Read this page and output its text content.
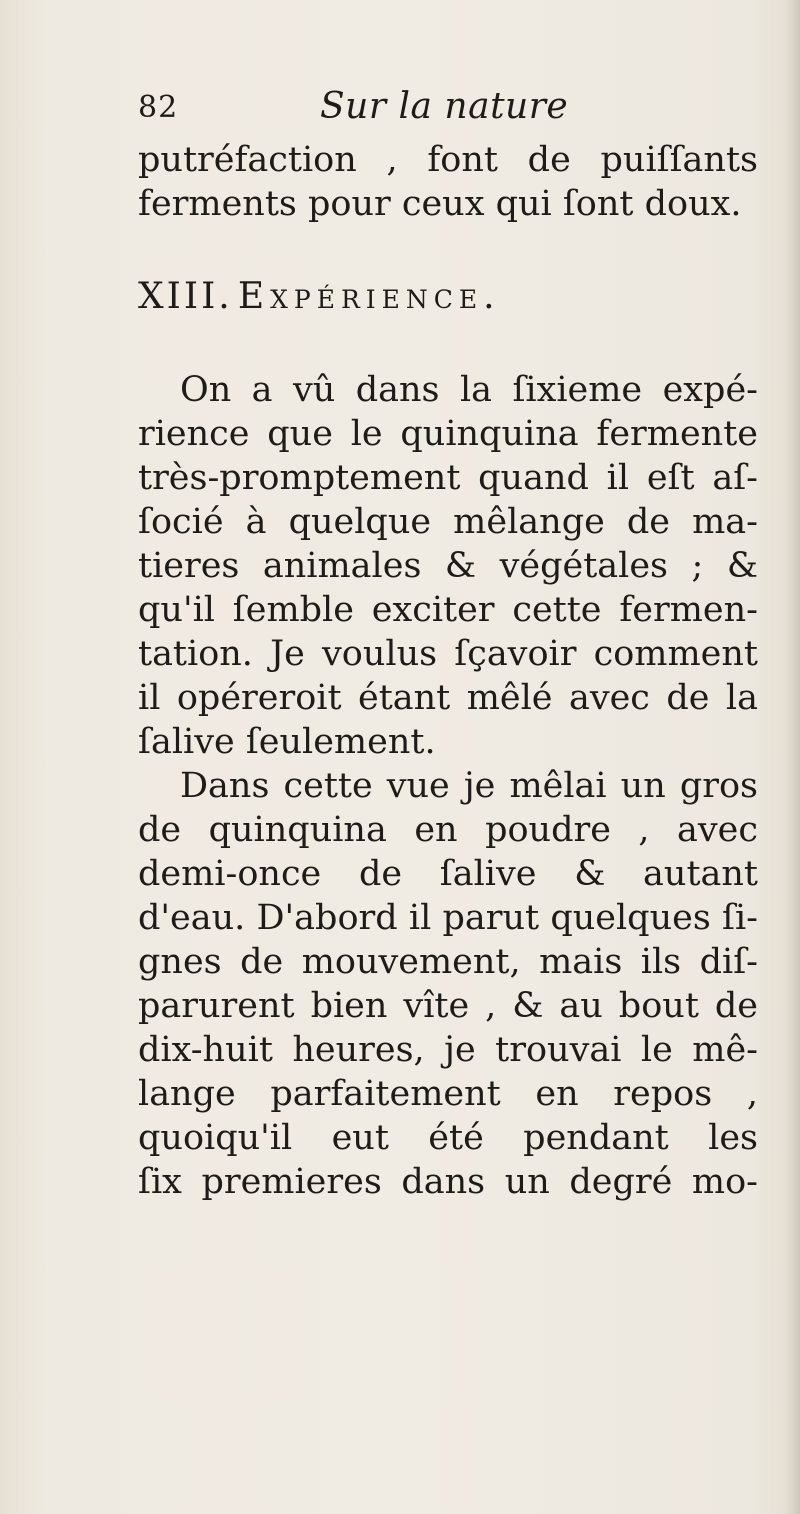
82	Sur la nature
putréfaction , font de puiſſants
ferments pour ceux qui ſont doux.
XIII. Expérience.
On a vû dans la ſixieme expé-
rience que le quinquina fermente
très-promptement quand il eſt aſ-
ſocié à quelque mêlange de ma-
tieres animales & végétales ; &
qu'il ſemble exciter cette fermen-
tation. Je voulus ſçavoir comment
il opéreroit étant mêlé avec de la
ſalive ſeulement.
Dans cette vue je mêlai un gros
de quinquina en poudre , avec
demi-once de ſalive & autant
d'eau. D'abord il parut quelques ſi-
gnes de mouvement, mais ils diſ-
parurent bien vîte , & au bout de
dix-huit heures, je trouvai le mê-
lange parfaitement en repos ,
quoiqu'il eut été pendant les
ſix premieres dans un degré mo-
